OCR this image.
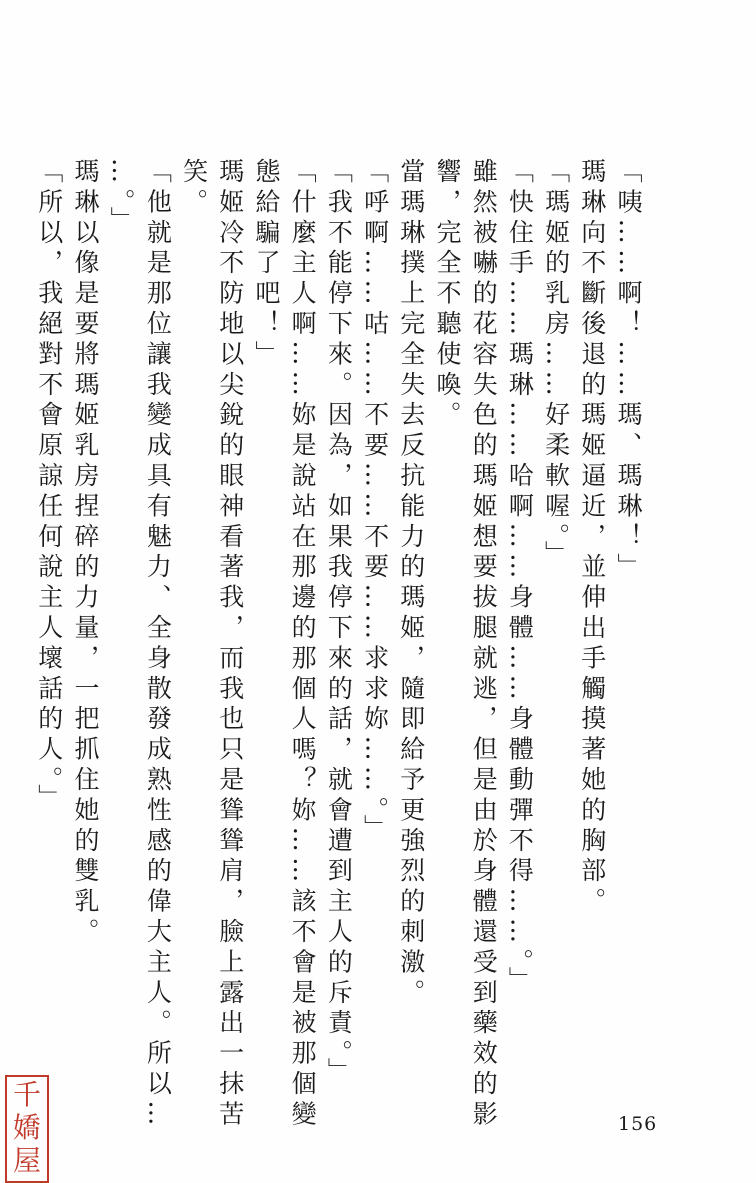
「咦……啊！……瑪、瑪琳！」
瑪琳向不斷後退的瑪姬逼近，並伸出手觸摸著她的胸部。
「瑪姬的乳房……好柔軟喔。」
「快住手……瑪琳……哈啊……身體……身體動彈不得……。」
雖然被嚇的花容失色的瑪姬想要拔腿就逃，但是由於身體還受到藥效的影
響，完全不聽使喚。
當瑪琳撲上完全失去反抗能力的瑪姬，隨即給予更強烈的刺激。
「呼啊……咕……不要……不要……求求妳……。」
「我不能停下來。因為，如果我停下來的話，就會遭到主人的斥責。」
「什麼主人啊……妳是說站在那邊的那個人嗎？妳……該不會是被那個變
態給騙了吧！」
瑪姬冷不防地以尖銳的眼神看著我，而我也只是聳聳肩，臉上露出一抹苦
笑。
「他就是那位讓我變成具有魅力、全身散發成熟性感的偉大主人。所以…
…。」
瑪琳以像是要將瑪姬乳房捏碎的力量，一把抓住她的雙乳。
「所以，我絕對不會原諒任何說主人壞話的人。」
156
千
嬌
屋
